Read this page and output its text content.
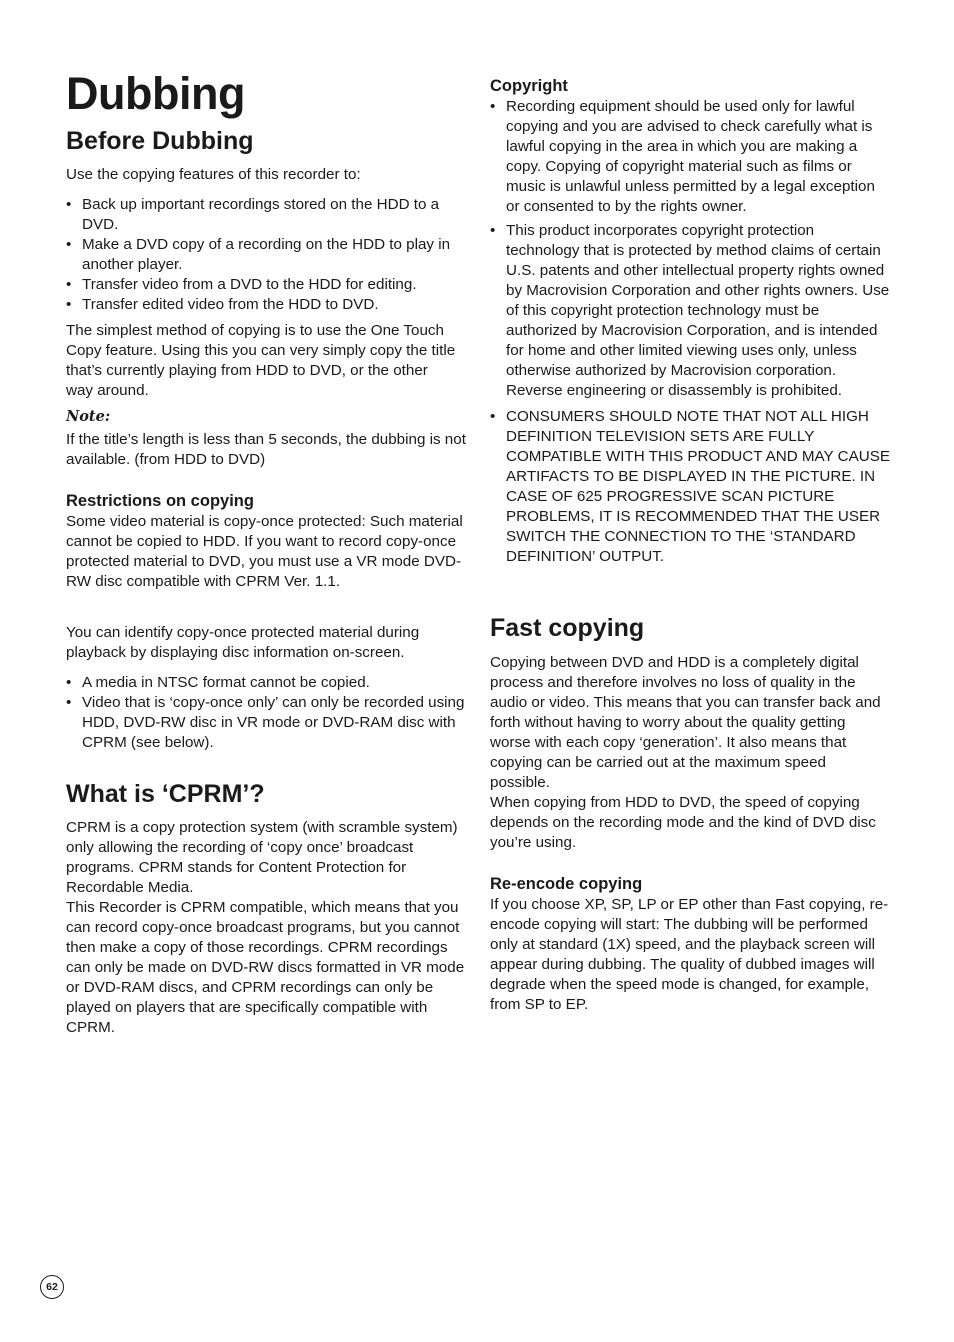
Dubbing
Before Dubbing

Use the copying features of this recorder to:

• Back up important recordings stored on the HDD to a DVD.
• Make a DVD copy of a recording on the HDD to play in another player.
• Transfer video from a DVD to the HDD for editing.
• Transfer edited video from the HDD to DVD.

The simplest method of copying is to use the One Touch Copy feature. Using this you can very simply copy the title that’s currently playing from HDD to DVD, or the other way around.

Note:

If the title’s length is less than 5 seconds, the dubbing is not available. (from HDD to DVD)

Restrictions on copying

Some video material is copy-once protected: Such material cannot be copied to HDD. If you want to record copy-once protected material to DVD, you must use a VR mode DVD-RW disc compatible with CPRM Ver. 1.1.

You can identify copy-once protected material during playback by displaying disc information on-screen.

• A media in NTSC format cannot be copied.
• Video that is ‘copy-once only’ can only be recorded using HDD, DVD-RW disc in VR mode or DVD-RAM disc with CPRM (see below).
What is ‘CPRM’?

CPRM is a copy protection system (with scramble system) only allowing the recording of ‘copy once’ broadcast programs. CPRM stands for Content Protection for Recordable Media.
This Recorder is CPRM compatible, which means that you can record copy-once broadcast programs, but you cannot then make a copy of those recordings. CPRM recordings can only be made on DVD-RW discs formatted in VR mode or DVD-RAM discs, and CPRM recordings can only be played on players that are specifically compatible with CPRM.

Copyright
• Recording equipment should be used only for lawful copying and you are advised to check carefully what is lawful copying in the area in which you are making a copy. Copying of copyright material such as films or music is unlawful unless permitted by a legal exception or consented to by the rights owner.
• This product incorporates copyright protection technology that is protected by method claims of certain U.S. patents and other intellectual property rights owned by Macrovision Corporation and other rights owners. Use of this copyright protection technology must be authorized by Macrovision Corporation, and is intended for home and other limited viewing uses only, unless otherwise authorized by Macrovision corporation. Reverse engineering or disassembly is prohibited.
• CONSUMERS SHOULD NOTE THAT NOT ALL HIGH DEFINITION TELEVISION SETS ARE FULLY COMPATIBLE WITH THIS PRODUCT AND MAY CAUSE ARTIFACTS TO BE DISPLAYED IN THE PICTURE. IN CASE OF 625 PROGRESSIVE SCAN PICTURE PROBLEMS, IT IS RECOMMENDED THAT THE USER SWITCH THE CONNECTION TO THE ‘STANDARD DEFINITION’ OUTPUT.
Fast copying

Copying between DVD and HDD is a completely digital process and therefore involves no loss of quality in the audio or video. This means that you can transfer back and forth without having to worry about the quality getting worse with each copy ‘generation’. It also means that copying can be carried out at the maximum speed possible.
When copying from HDD to DVD, the speed of copying depends on the recording mode and the kind of DVD disc you’re using.

Re-encode copying

If you choose XP, SP, LP or EP other than Fast copying, re-encode copying will start: The dubbing will be performed only at standard (1X) speed, and the playback screen will appear during dubbing. The quality of dubbed images will degrade when the speed mode is changed, for example, from SP to EP.

62
